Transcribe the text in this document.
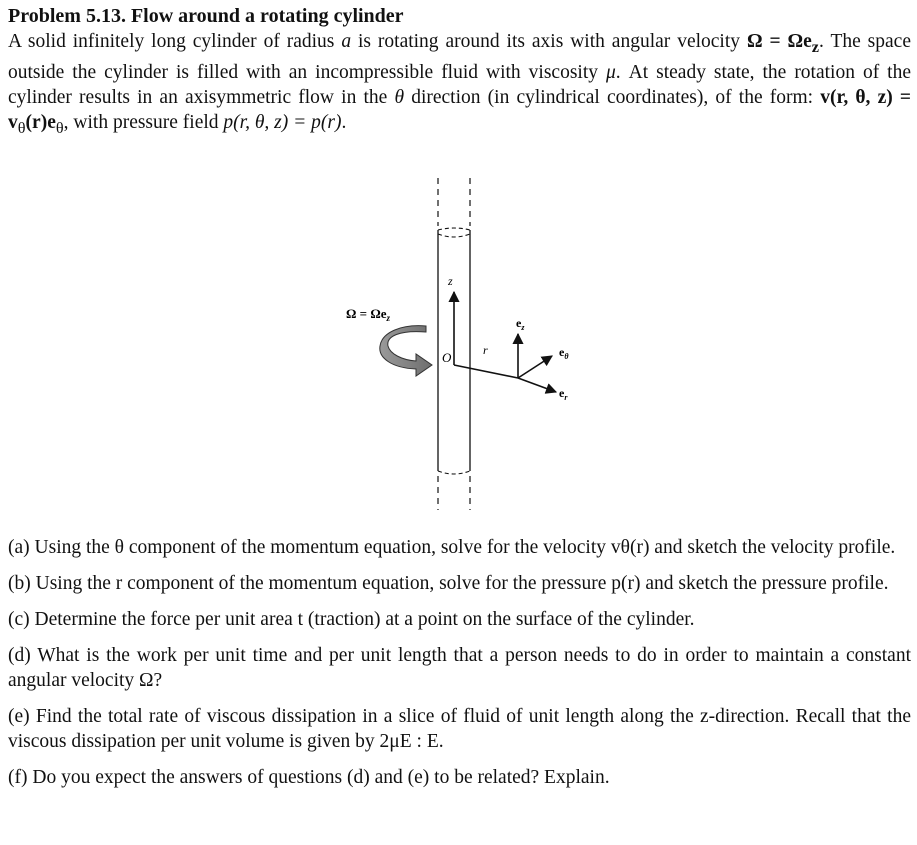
Problem 5.13. Flow around a rotating cylinder

A solid infinitely long cylinder of radius a is rotating around its axis with angular velocity $\Omega = \Omega e_z$. The space outside the cylinder is filled with an incompressible fluid with viscosity μ. At steady state, the rotation of the cylinder results in an axisymmetric flow in the θ direction (in cylindrical coordinates), of the form: v(r, θ, $z) = v_\theta(r)e_\theta$, with pressure field p(r, θ, z) = p(r).

z
O	r
$e_z$
$e_\theta$
$e_r$
$\Omega = \Omega e_z$

(a) Using the θ component of the momentum equation, solve for the velocity vθ(r) and sketch the velocity profile.

(b) Using the r component of the momentum equation, solve for the pressure p(r) and sketch the pressure profile.

(c) Determine the force per unit area t (traction) at a point on the surface of the cylinder.

(d) What is the work per unit time and per unit length that a person needs to do in order to maintain a constant angular velocity Ω?

(e) Find the total rate of viscous dissipation in a slice of fluid of unit length along the z-direction. Recall that the viscous dissipation per unit volume is given by 2μE : E.

(f) Do you expect the answers of questions (d) and (e) to be related? Explain.
